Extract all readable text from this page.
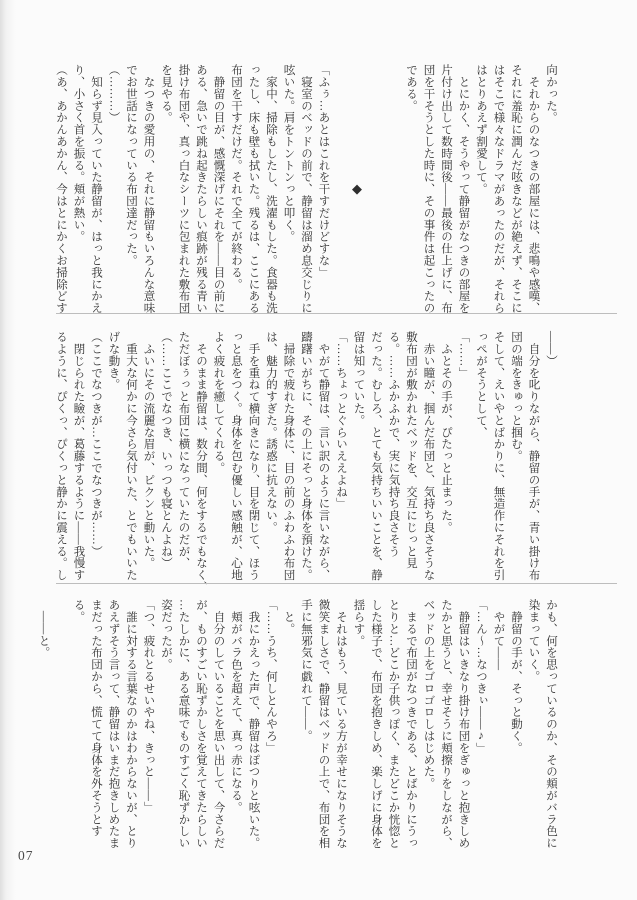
向かった。
　それからのなつきの部屋には、悲鳴や感嘆、
それに羞恥に潤んだ呟きなどが絶えず、そこに
はそこで様々なドラマがあったのだが、それら
はとりあえず割愛して。
　とにかく、そうやって静留がなつきの部屋を
片付け出して数時間後――最後の仕上げに、布
団を干そうとした時に、その事件は起こったの
である。

◆

「ふぅ…あとはこれを干すだけどすな」
　寝室のベッドの前で、静留は溜め息交じりに
呟いた。肩をトントンっと叩く。
　家中、掃除もしたし、洗濯もした。食器も洗
ったし、床も壁も拭いた。残るは、ここにある
布団を干すだけだ。それで全てが終わる。
　静留の目が、感慨深げにそれを――目の前に
ある、急いで跳ね起きたらしい痕跡が残る青い
掛け布団や、真っ白なシーツに包まれた敷布団
を見やる。
　なつきの愛用の、それに静留もいろんな意味
でお世話になっている布団達だった。
（………）
　知らず見入っていた静留が、はっと我にかえ
り、小さく首を振る。頬が熱い。
（あ、あかんあかん、今はとにかくお掃除どす
――）
　自分を叱りながら、静留の手が、青い掛け布
団の端をきゅっと掴む。
そして、えいやとばかりに、無造作にそれを引
っぺがそうとして、
「……」
　ふとその手が、ぴたっと止まった。
　赤い瞳が、掴んだ布団と、気持ち良さそうな
敷布団が敷かれたベッドを、交互にじっと見
る。……ふかふかで、実に気持ち良さそう
だった。むしろ、とても気持ちいいことを、静
留は知っていた。
「……ちょっとぐらいええよね」
　やがて静留は、言い訳のように言いながら、
躊躇いがちに、その上にそっと身体を預けた。
　掃除で疲れた身体に、目の前のふわふわ布団
は、魅力的すぎた。誘惑に抗えない。
　手を重ねて横向きになり、目を閉じて、ほう
っと息をつく。身体を包む優しい感触が、心地
よく疲れを癒してくれる。
　そのまま静留は、数分間、何をするでもなく、
ただぼぅっと布団に横になっていたのだが、
（……ここでなつき、いっつも寝とんよね）
　ふいにその流麗な眉が、ピクンと動いた。
　重大な何かに今さら気付いた、とでもいいた
げな動き。
（ここでなつきが…ここでなつきが……）
　閉じられた瞼が、葛藤するように――我慢す
るように、ぴくっ、ぴくっと静かに震える。し
かも、何を思っているのか、その頬がバラ色に
染まっていく。
　静留の手が、そっと動く。
　やがて――
「…ん〜…なつきぃ――♪」
　静留はいきなり掛け布団をぎゅっと抱きしめ
たかと思うと、幸せそうに頬擦りをしながら、
ベッドの上をゴロゴロしはじめた。
　まるで布団がなつきである、とばかりにうっ
とりと…どこか子供っぽく、またどこか恍惚と
した様子で、布団を抱きしめ、楽しげに身体を
揺らす。
　それはもう、見ている方が幸せになりそうな
微笑ましさで、静留はベッドの上で、布団を相
手に無邪気に戯れて――。
　と。
「……うち、何しとんやろ」
　我にかえった声で、静留はぽつりと呟いた。
　頬がバラ色を超えて、真っ赤になる。
　自分のしていることを思い出して、今さらだ
が、ものすごい恥ずかしさを覚えてきたらしい
…たしかに、ある意味でものすごく恥ずかしい
姿だったが。
「つ、疲れとるせいやね、きっと――」
　誰に対する言葉なのかはわからないが、とり
あえずそう言って、静留はいまだ抱きしめたま
まだった布団から、慌てて身体を外そうとす
る。

　――と。
07
